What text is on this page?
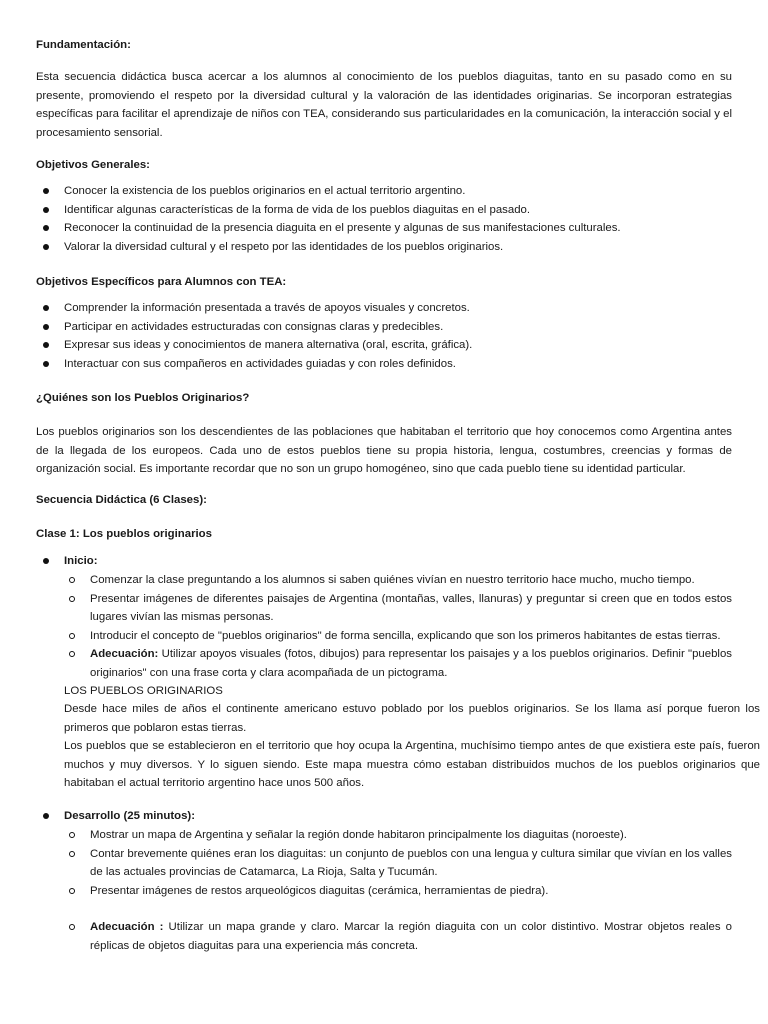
Fundamentación:
Esta secuencia didáctica busca acercar a los alumnos al conocimiento de los pueblos diaguitas, tanto en su pasado como en su presente, promoviendo el respeto por la diversidad cultural y la valoración de las identidades originarias. Se incorporan estrategias específicas para facilitar el aprendizaje de niños con TEA, considerando sus particularidades en la comunicación, la interacción social y el procesamiento sensorial.
Objetivos Generales:
Conocer la existencia de los pueblos originarios en el actual territorio argentino.
Identificar algunas características de la forma de vida de los pueblos diaguitas en el pasado.
Reconocer la continuidad de la presencia diaguita en el presente y algunas de sus manifestaciones culturales.
Valorar la diversidad cultural y el respeto por las identidades de los pueblos originarios.
Objetivos Específicos para Alumnos con TEA:
Comprender la información presentada a través de apoyos visuales y concretos.
Participar en actividades estructuradas con consignas claras y predecibles.
Expresar sus ideas y conocimientos de manera alternativa (oral, escrita, gráfica).
Interactuar con sus compañeros en actividades guiadas y con roles definidos.
¿Quiénes son los Pueblos Originarios?
Los pueblos originarios son los descendientes de las poblaciones que habitaban el territorio que hoy conocemos como Argentina antes de la llegada de los europeos. Cada uno de estos pueblos tiene su propia historia, lengua, costumbres, creencias y formas de organización social. Es importante recordar que no son un grupo homogéneo, sino que cada pueblo tiene su identidad particular.
Secuencia Didáctica (6 Clases):
Clase 1: Los pueblos originarios
Inicio:
Comenzar la clase preguntando a los alumnos si saben quiénes vivían en nuestro territorio hace mucho, mucho tiempo.
Presentar imágenes de diferentes paisajes de Argentina (montañas, valles, llanuras) y preguntar si creen que en todos estos lugares vivían las mismas personas.
Introducir el concepto de "pueblos originarios" de forma sencilla, explicando que son los primeros habitantes de estas tierras.
Adecuación: Utilizar apoyos visuales (fotos, dibujos) para representar los paisajes y a los pueblos originarios. Definir "pueblos originarios" con una frase corta y clara acompañada de un pictograma.
LOS PUEBLOS ORIGINARIOS
Desde hace miles de años el continente americano estuvo poblado por los pueblos originarios. Se los llama así porque fueron los primeros que poblaron estas tierras.
Los pueblos que se establecieron en el territorio que hoy ocupa la Argentina, muchísimo tiempo antes de que existiera este país, fueron muchos y muy diversos. Y lo siguen siendo. Este mapa muestra cómo estaban distribuidos muchos de los pueblos originarios que habitaban el actual territorio argentino hace unos 500 años.
Desarrollo (25 minutos):
Mostrar un mapa de Argentina y señalar la región donde habitaron principalmente los diaguitas (noroeste).
Contar brevemente quiénes eran los diaguitas: un conjunto de pueblos con una lengua y cultura similar que vivían en los valles de las actuales provincias de Catamarca, La Rioja, Salta y Tucumán.
Presentar imágenes de restos arqueológicos diaguitas (cerámica, herramientas de piedra).
Adecuación : Utilizar un mapa grande y claro. Marcar la región diaguita con un color distintivo. Mostrar objetos reales o réplicas de objetos diaguitas para una experiencia más concreta.
